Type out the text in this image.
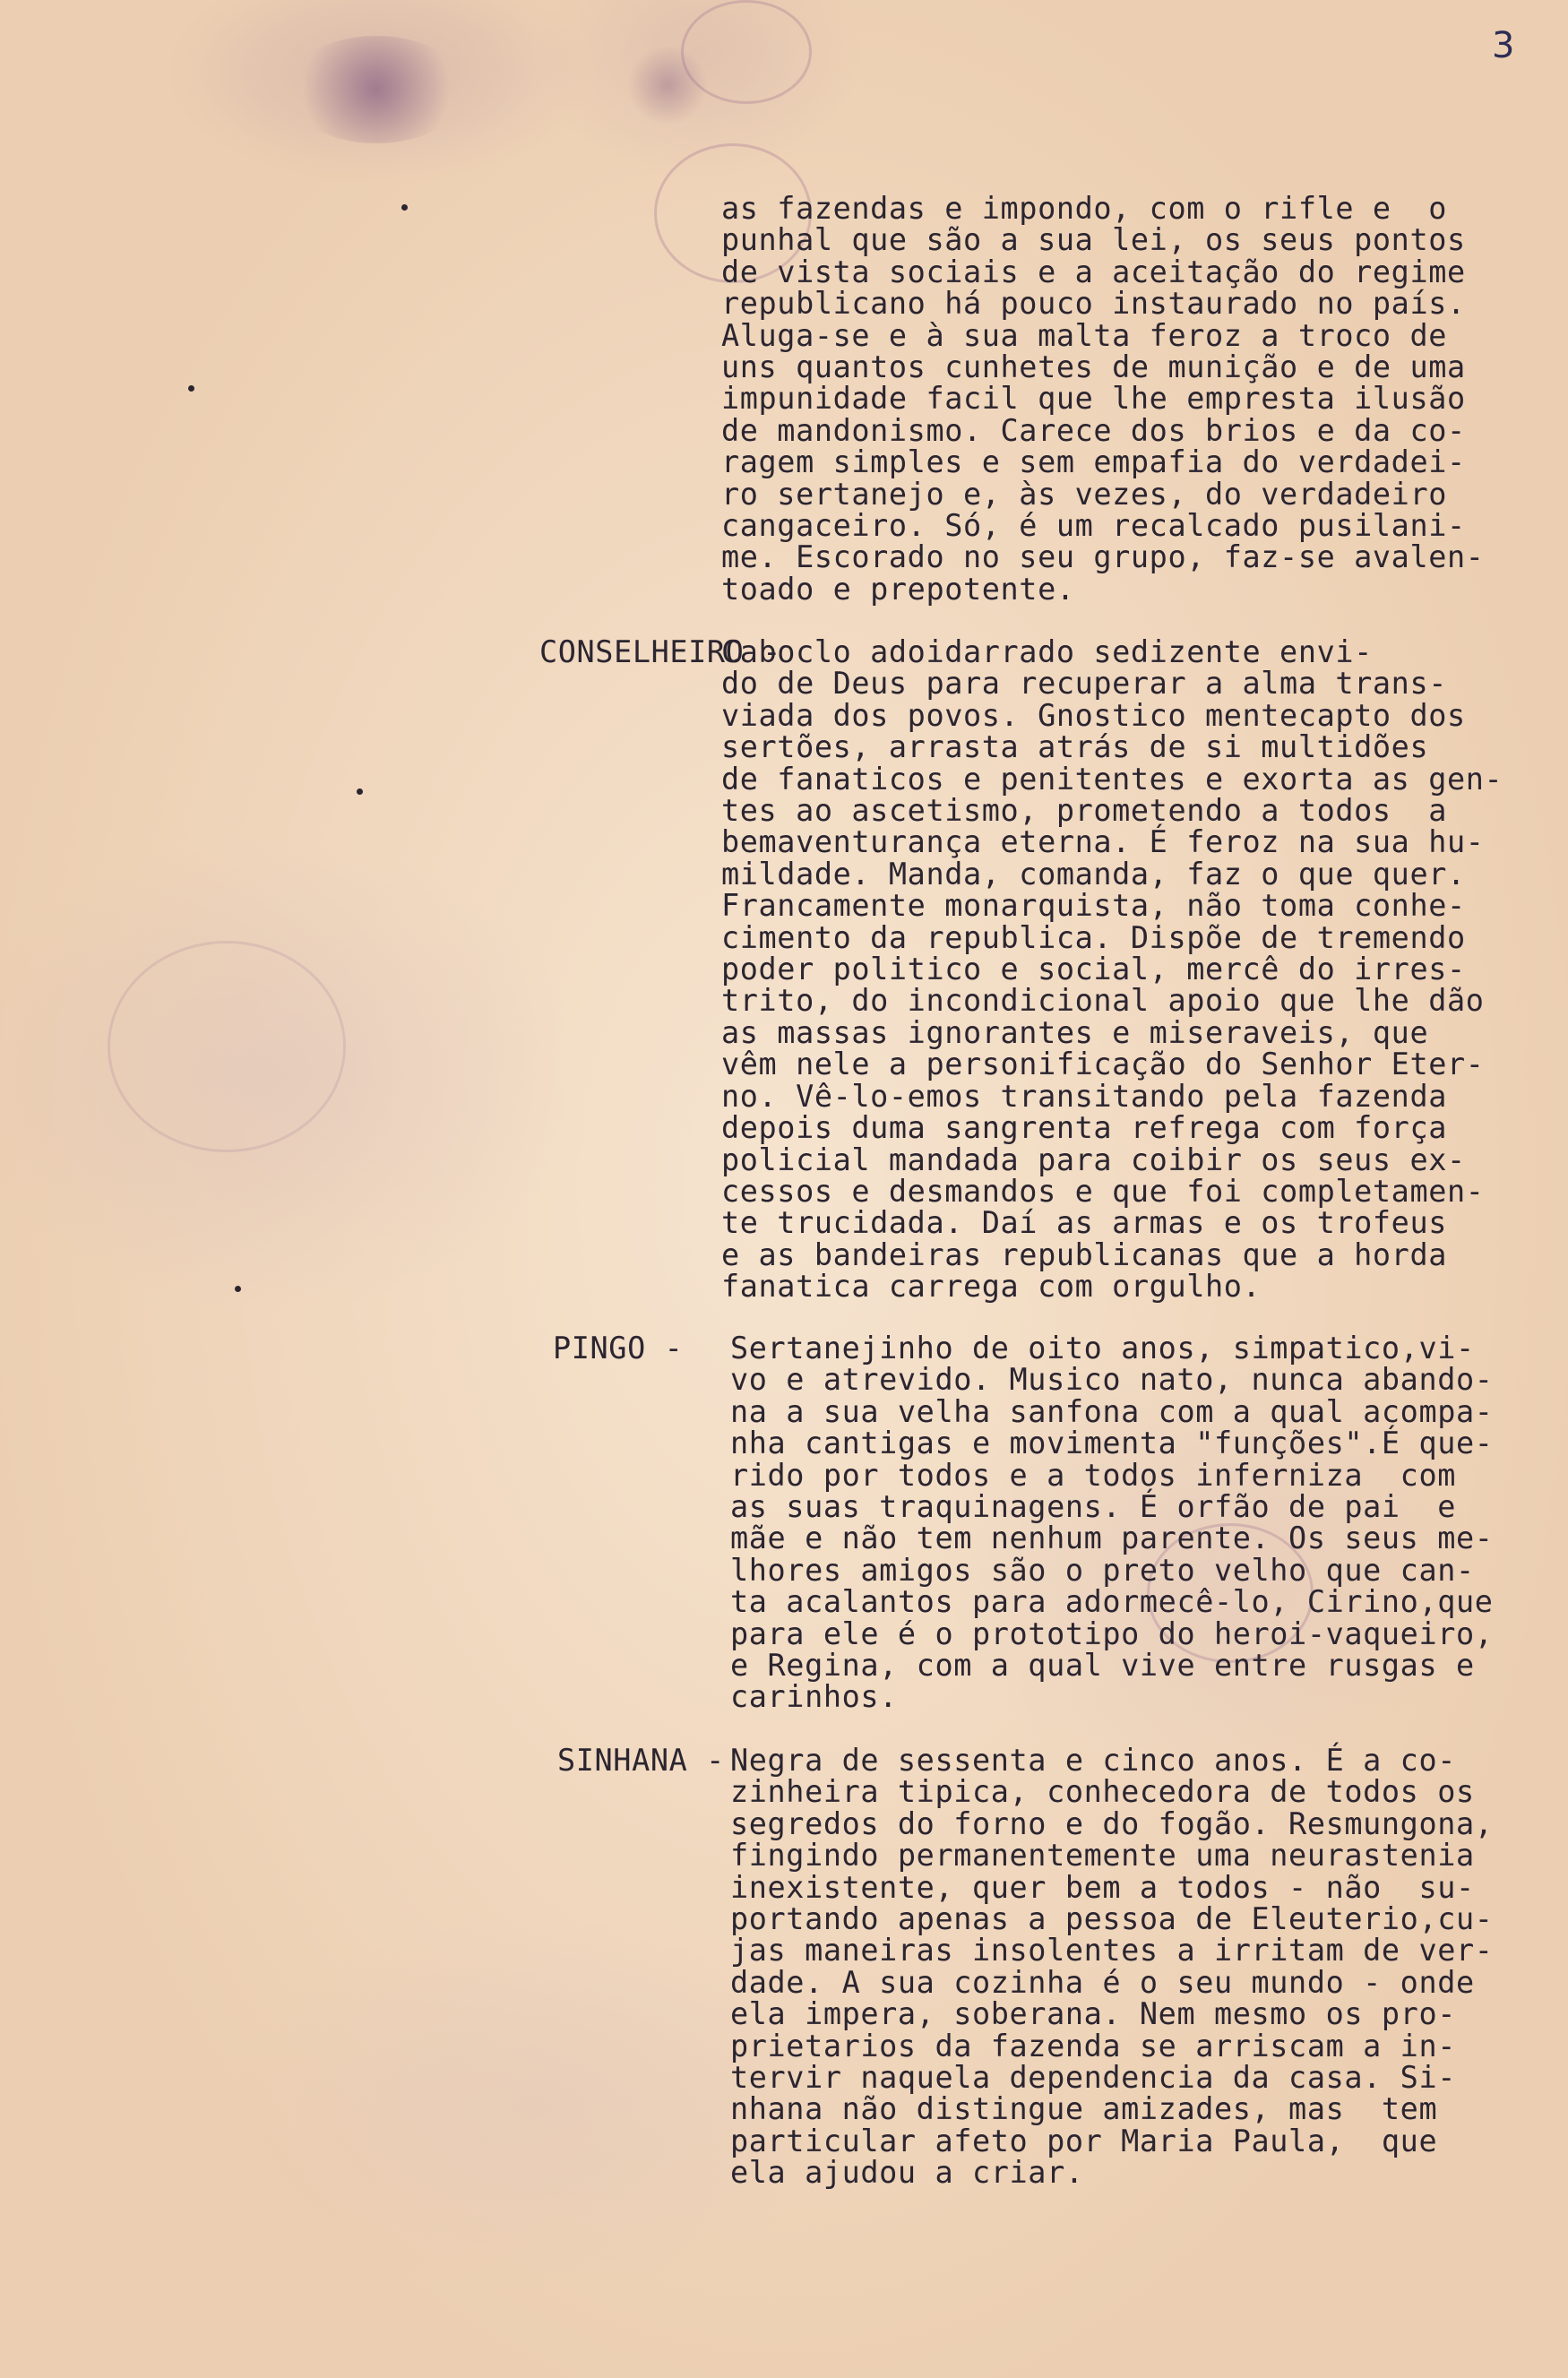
3
as fazendas e impondo, com o rifle e  o
punhal que são a sua lei, os seus pontos
de vista sociais e a aceitação do regime
republicano há pouco instaurado no país.
Aluga-se e à sua malta feroz a troco de
uns quantos cunhetes de munição e de uma
impunidade facil que lhe empresta ilusão
de mandonismo. Carece dos brios e da co-
ragem simples e sem empafia do verdadei-
ro sertanejo e, às vezes, do verdadeiro
cangaceiro. Só, é um recalcado pusilani-
me. Escorado no seu grupo, faz-se avalen-
toado e prepotente.
CONSELHEIRO -
Caboclo adoidarrado sedizente envi-
do de Deus para recuperar a alma trans-
viada dos povos. Gnostico mentecapto dos
sertões, arrasta atrás de si multidões
de fanaticos e penitentes e exorta as gen-
tes ao ascetismo, prometendo a todos  a
bemaventurança eterna. É feroz na sua hu-
mildade. Manda, comanda, faz o que quer.
Francamente monarquista, não toma conhe-
cimento da republica. Dispõe de tremendo
poder politico e social, mercê do irres-
trito, do incondicional apoio que lhe dão
as massas ignorantes e miseraveis, que
vêm nele a personificação do Senhor Eter-
no. Vê-lo-emos transitando pela fazenda
depois duma sangrenta refrega com força
policial mandada para coibir os seus ex-
cessos e desmandos e que foi completamen-
te trucidada. Daí as armas e os trofeus
e as bandeiras republicanas que a horda
fanatica carrega com orgulho.
PINGO - Sertanejinho de oito anos, simpatico,vi-
vo e atrevido. Musico nato, nunca abando-
na a sua velha sanfona com a qual acompa-
nha cantigas e movimenta "funções".É que-
rido por todos e a todos inferniza  com
as suas traquinagens. É orfão de pai  e
mãe e não tem nenhum parente. Os seus me-
lhores amigos são o preto velho que can-
ta acalantos para adormecê-lo, Cirino,que
para ele é o prototipo do heroi-vaqueiro,
e Regina, com a qual vive entre rusgas e
carinhos.
SINHANA - Negra de sessenta e cinco anos. É a co-
zinheira tipica, conhecedora de todos os
segredos do forno e do fogão. Resmungona,
fingindo permanentemente uma neurastenia
inexistente, quer bem a todos - não  su-
portando apenas a pessoa de Eleuterio,cu-
jas maneiras insolentes a irritam de ver-
dade. A sua cozinha é o seu mundo - onde
ela impera, soberana. Nem mesmo os pro-
prietarios da fazenda se arriscam a in-
tervir naquela dependencia da casa. Si-
nhana não distingue amizades, mas  tem
particular afeto por Maria Paula,  que
ela ajudou a criar.
